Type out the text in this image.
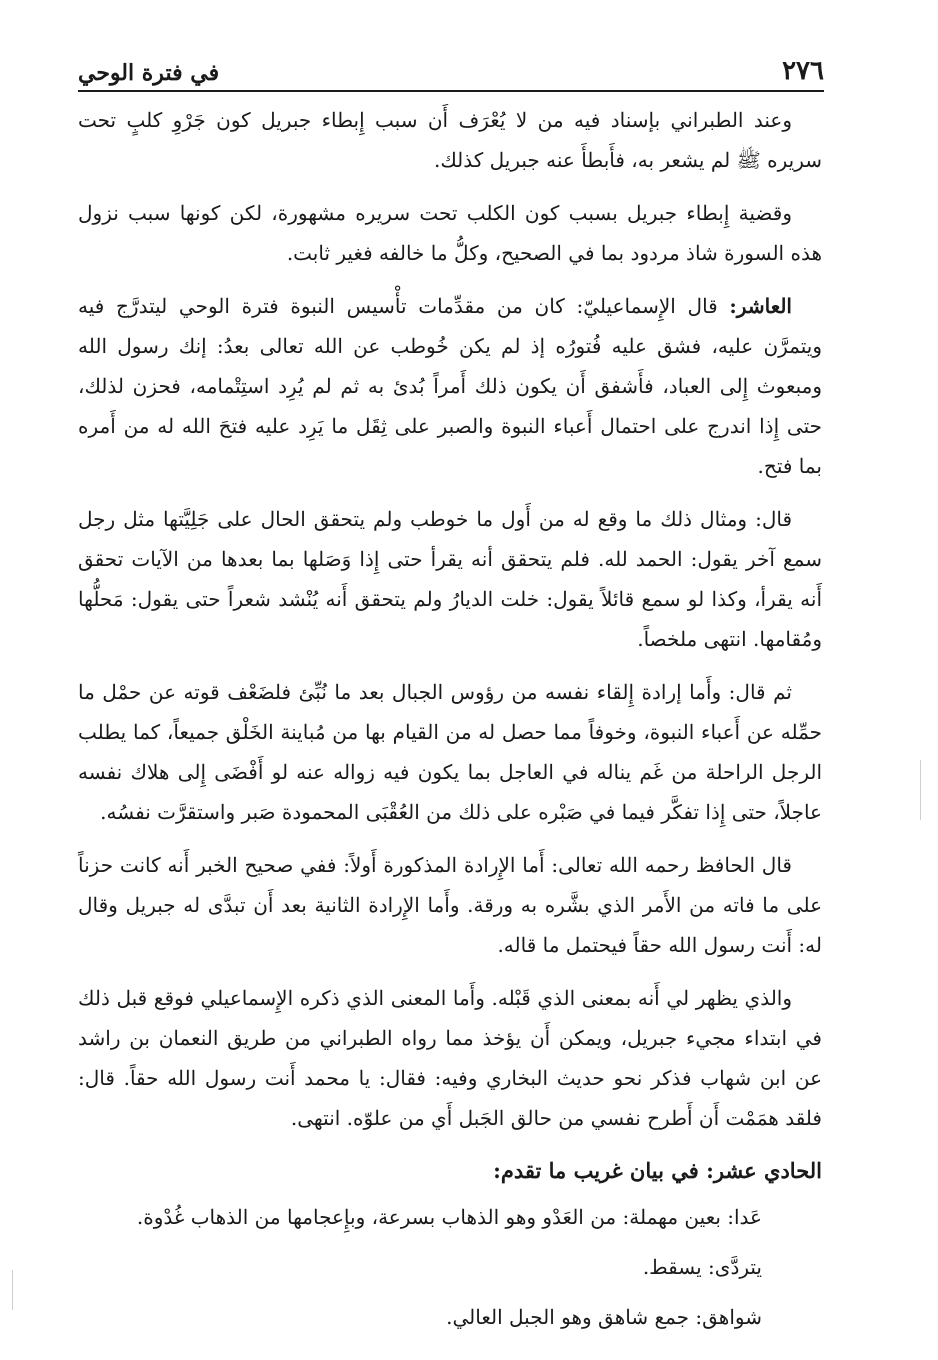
٢٧٦
في فترة الوحي

وعند الطبراني بإسناد فيه من لا يُعْرَف أَن سبب إِبطاء جبريل كون جَرْوِ كلبٍ تحت سريره ﷺ لم يشعر به، فأَبطأَ عنه جبريل كذلك.

وقضية إِبطاء جبريل بسبب كون الكلب تحت سريره مشهورة، لكن كونها سبب نزول هذه السورة شاذ مردود بما في الصحيح، وكلُّ ما خالفه فغير ثابت.

العاشر: قال الإِسماعيليّ: كان من مقدِّمات تأْسيس النبوة فترة الوحي ليتدرَّج فيه ويتمرَّن عليه، فشق عليه فُتورُه إذ لم يكن خُوطب عن الله تعالى بعدُ: إنك رسول الله ومبعوث إِلى العباد، فأَشفق أَن يكون ذلك أَمراً بُدئ به ثم لم يُرِد استِتْمامه، فحزن لذلك، حتى إِذا اندرج على احتمال أَعباء النبوة والصبر على ثِقَل ما يَرِد عليه فتحَ الله له من أَمره بما فتح.

قال: ومثال ذلك ما وقع له من أَول ما خوطب ولم يتحقق الحال على جَلِيَّتها مثل رجل سمع آخر يقول: الحمد لله. فلم يتحقق أنه يقرأ حتى إِذا وَصَلها بما بعدها من الآيات تحقق أَنه يقرأ، وكذا لو سمع قائلاً يقول: خلت الديارُ ولم يتحقق أَنه يُنْشد شعراً حتى يقول: مَحلُّها ومُقامها. انتهى ملخصاً.

ثم قال: وأَما إرادة إِلقاء نفسه من رؤوس الجبال بعد ما نُبِّئ فلضَعْف قوته عن حمْل ما حمِّله عن أَعباء النبوة، وخوفاً مما حصل له من القيام بها من مُباينة الخَلْق جميعاً، كما يطلب الرجل الراحلة من غَم يناله في العاجل بما يكون فيه زواله عنه لو أَفْضَى إِلى هلاك نفسه عاجلاً، حتى إِذا تفكَّر فيما في صَبْره على ذلك من العُقْبَى المحمودة صَبر واستقرَّت نفسُه.

قال الحافظ رحمه الله تعالى: أَما الإِرادة المذكورة أَولاً: ففي صحيح الخبر أَنه كانت حزناً على ما فاته من الأَمر الذي بشَّره به ورقة. وأَما الإِرادة الثانية بعد أَن تبدَّى له جبريل وقال له: أَنت رسول الله حقاً فيحتمل ما قاله.

والذي يظهر لي أَنه بمعنى الذي قَبْله. وأَما المعنى الذي ذكره الإِسماعيلي فوقع قبل ذلك في ابتداء مجيء جبريل، ويمكن أَن يؤخذ مما رواه الطبراني من طريق النعمان بن راشد عن ابن شهاب فذكر نحو حديث البخاري وفيه: فقال: يا محمد أَنت رسول الله حقاً. قال: فلقد همَمْت أَن أَطرح نفسي من حالق الجَبل أَي من علوّه. انتهى.

الحادي عشر: في بيان غريب ما تقدم:

عَدا: بعين مهملة: من العَدْو وهو الذهاب بسرعة، وبإِعجامها من الذهاب غُدْوة.

يتردَّى: يسقط.

شواهق: جمع شاهق وهو الجبل العالي.
